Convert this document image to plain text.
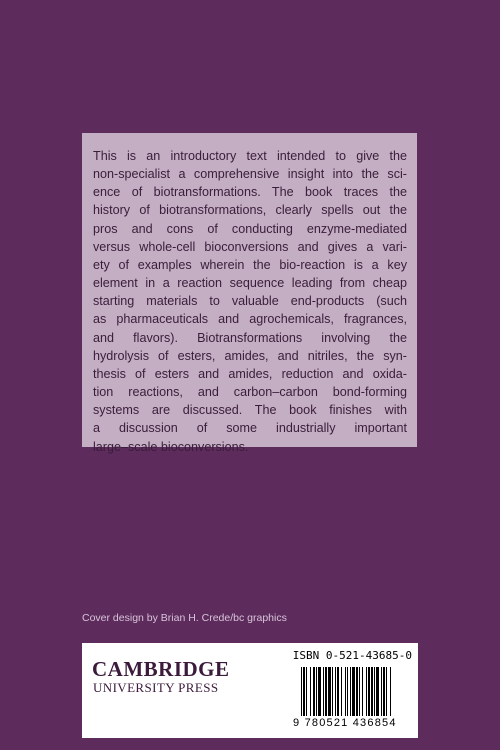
This is an introductory text intended to give the
non-specialist a comprehensive insight into the sci-
ence of biotransformations. The book traces the
history of biotransformations, clearly spells out the
pros and cons of conducting enzyme-mediated
versus whole-cell bioconversions and gives a vari-
ety of examples wherein the bio-reaction is a key
element in a reaction sequence leading from cheap
starting materials to valuable end-products (such
as pharmaceuticals and agrochemicals, fragrances,
and flavors). Biotransformations involving the
hydrolysis of esters, amides, and nitriles, the syn-
thesis of esters and amides, reduction and oxida-
tion reactions, and carbon–carbon bond-forming
systems are discussed. The book finishes with
a discussion of some industrially important
large–scale bioconversions.
Cover design by Brian H. Crede/bc graphics
CAMBRIDGE
UNIVERSITY PRESS
ISBN 0-521-43685-0
9 780521 436854
